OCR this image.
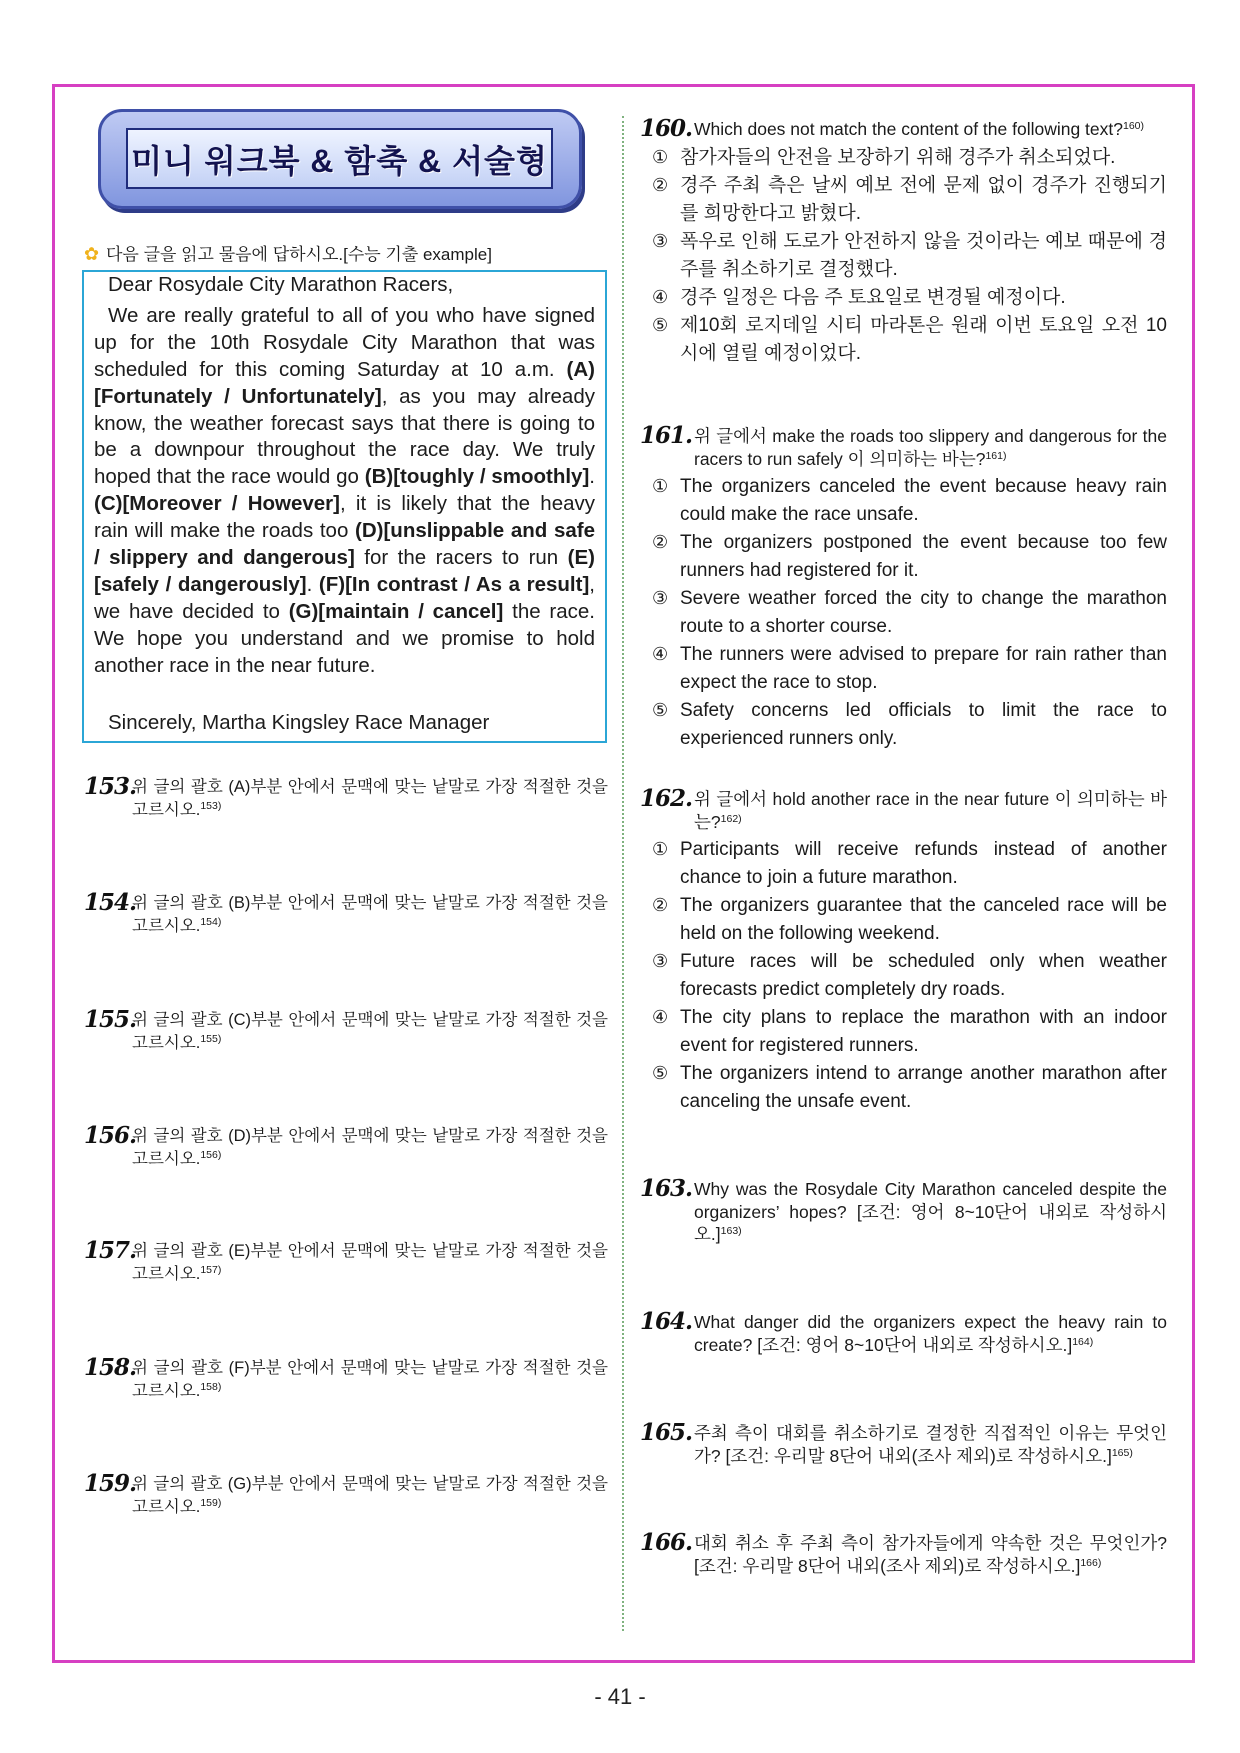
미니 워크북 & 함축 & 서술형
✿다음 글을 읽고 물음에 답하시오.[수능 기출 example]
Dear Rosydale City Marathon Racers,

We are really grateful to all of you who have signed up for the 10th Rosydale City Marathon that was scheduled for this coming Saturday at 10 a.m. (A)[Fortunately / Unfortunately], as you may already know, the weather forecast says that there is going to be a downpour throughout the race day. We truly hoped that the race would go (B)[toughly / smoothly]. (C)[Moreover / However], it is likely that the heavy rain will make the roads too (D)[unslippable and safe / slippery and dangerous] for the racers to run (E)[safely / dangerously]. (F)[In contrast / As a result], we have decided to (G)[maintain / cancel] the race. We hope you understand and we promise to hold another race in the near future.

Sincerely, Martha Kingsley Race Manager
153.
위 글의 괄호 (A)부분 안에서 문맥에 맞는 낱말로 가장 적절한 것을 고르시오.$^{153)}$
154.
위 글의 괄호 (B)부분 안에서 문맥에 맞는 낱말로 가장 적절한 것을 고르시오.$^{154)}$
155.
위 글의 괄호 (C)부분 안에서 문맥에 맞는 낱말로 가장 적절한 것을 고르시오.$^{155)}$
156.
위 글의 괄호 (D)부분 안에서 문맥에 맞는 낱말로 가장 적절한 것을 고르시오.$^{156)}$
157.
위 글의 괄호 (E)부분 안에서 문맥에 맞는 낱말로 가장 적절한 것을 고르시오.$^{157)}$
158.
위 글의 괄호 (F)부분 안에서 문맥에 맞는 낱말로 가장 적절한 것을 고르시오.$^{158)}$
159.
위 글의 괄호 (G)부분 안에서 문맥에 맞는 낱말로 가장 적절한 것을 고르시오.$^{159)}$
160. Which does not match the content of the following text?$^{160)}$
① 참가자들의 안전을 보장하기 위해 경주가 취소되었다.
② 경주 주최 측은 날씨 예보 전에 문제 없이 경주가 진행되기를 희망한다고 밝혔다.
③ 폭우로 인해 도로가 안전하지 않을 것이라는 예보 때문에 경주를 취소하기로 결정했다.
④ 경주 일정은 다음 주 토요일로 변경될 예정이다.
⑤ 제10회 로지데일 시티 마라톤은 원래 이번 토요일 오전 10시에 열릴 예정이었다.
161. 위 글에서 make the roads too slippery and dangerous for the racers to run safely 이 의미하는 바는?$^{161)}$
① The organizers canceled the event because heavy rain could make the race unsafe.
② The organizers postponed the event because too few runners had registered for it.
③ Severe weather forced the city to change the marathon route to a shorter course.
④ The runners were advised to prepare for rain rather than expect the race to stop.
⑤ Safety concerns led officials to limit the race to experienced runners only.
162. 위 글에서 hold another race in the near future 이 의미하는 바는?$^{162)}$
① Participants will receive refunds instead of another chance to join a future marathon.
② The organizers guarantee that the canceled race will be held on the following weekend.
③ Future races will be scheduled only when weather forecasts predict completely dry roads.
④ The city plans to replace the marathon with an indoor event for registered runners.
⑤ The organizers intend to arrange another marathon after canceling the unsafe event.
163. Why was the Rosydale City Marathon canceled despite the organizers’ hopes? [조건: 영어 8~10단어 내외로 작성하시오.]$^{163)}$
164. What danger did the organizers expect the heavy rain to create? [조건: 영어 8~10단어 내외로 작성하시오.]$^{164)}$
165. 주최 측이 대회를 취소하기로 결정한 직접적인 이유는 무엇인가? [조건: 우리말 8단어 내외(조사 제외)로 작성하시오.]$^{165)}$
166. 대회 취소 후 주최 측이 참가자들에게 약속한 것은 무엇인가? [조건: 우리말 8단어 내외(조사 제외)로 작성하시오.]$^{166)}$
- 41 -
